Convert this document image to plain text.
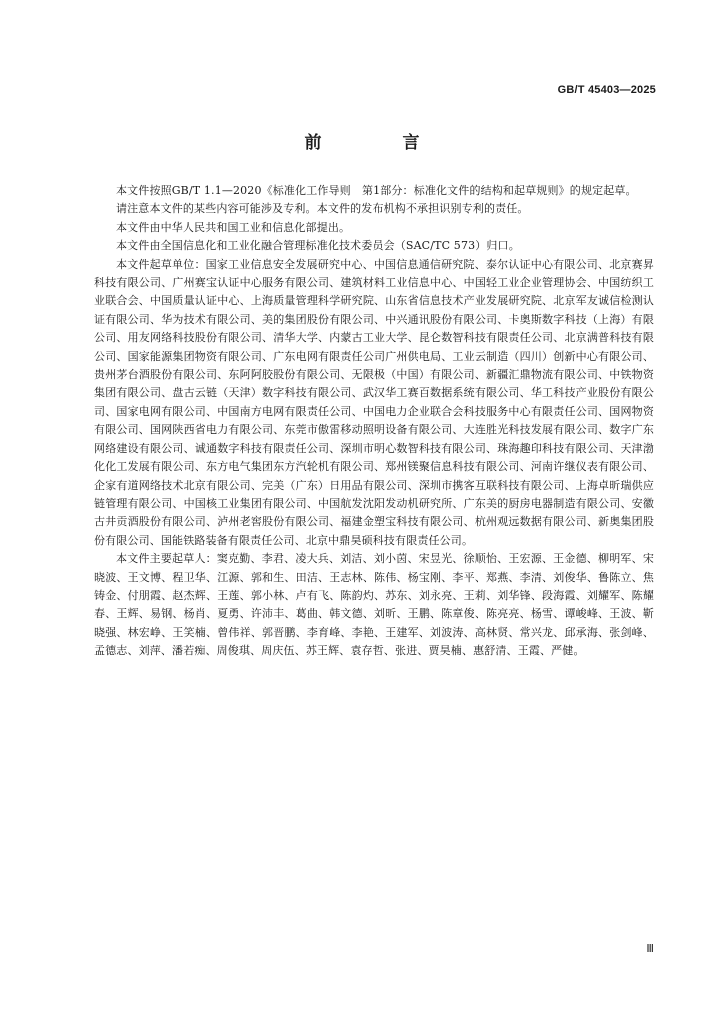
GB/T 45403—2025
前　言

本文件按照GB/T 1.1—2020《标准化工作导则　第1部分：标准化文件的结构和起草规则》的规定起草。

请注意本文件的某些内容可能涉及专利。本文件的发布机构不承担识别专利的责任。

本文件由中华人民共和国工业和信息化部提出。

本文件由全国信息化和工业化融合管理标准化技术委员会（SAC/TC 573）归口。

本文件起草单位：国家工业信息安全发展研究中心、中国信息通信研究院、泰尔认证中心有限公司、北京赛昇科技有限公司、广州赛宝认证中心服务有限公司、建筑材料工业信息中心、中国轻工业企业管理协会、中国纺织工业联合会、中国质量认证中心、上海质量管理科学研究院、山东省信息技术产业发展研究院、北京军友诚信检测认证有限公司、华为技术有限公司、美的集团股份有限公司、中兴通讯股份有限公司、卡奥斯数字科技（上海）有限公司、用友网络科技股份有限公司、清华大学、内蒙古工业大学、昆仑数智科技有限责任公司、北京满普科技有限公司、国家能源集团物资有限公司、广东电网有限责任公司广州供电局、工业云制造（四川）创新中心有限公司、贵州茅台酒股份有限公司、东阿阿胶股份有限公司、无限极（中国）有限公司、新疆汇鼎物流有限公司、中铁物资集团有限公司、盘古云链（天津）数字科技有限公司、武汉华工赛百数据系统有限公司、华工科技产业股份有限公司、国家电网有限公司、中国南方电网有限责任公司、中国电力企业联合会科技服务中心有限责任公司、国网物资有限公司、国网陕西省电力有限公司、东莞市傲雷移动照明设备有限公司、大连胜光科技发展有限公司、数字广东网络建设有限公司、诚通数字科技有限责任公司、深圳市明心数智科技有限公司、珠海趣印科技有限公司、天津渤化化工发展有限公司、东方电气集团东方汽轮机有限公司、郑州镁聚信息科技有限公司、河南许继仪表有限公司、企家有道网络技术北京有限公司、完美（广东）日用品有限公司、深圳市携客互联科技有限公司、上海卓昕瑞供应链管理有限公司、中国核工业集团有限公司、中国航发沈阳发动机研究所、广东美的厨房电器制造有限公司、安徽古井贡酒股份有限公司、泸州老窖股份有限公司、福建金塑宝科技有限公司、杭州观远数据有限公司、新奥集团股份有限公司、国能铁路装备有限责任公司、北京中鼎昊硕科技有限责任公司。

本文件主要起草人：窦克勤、李君、凌大兵、刘洁、刘小茵、宋昱光、徐顺怡、王宏源、王金德、柳明军、宋晓波、王文博、程卫华、江源、郭和生、田洁、王志林、陈伟、杨宝刚、李平、郑燕、李清、刘俊华、鲁陈立、焦铸金、付朋霞、赵杰辉、王莲、郭小林、卢有飞、陈韵灼、苏东、刘永亮、王莉、刘华锋、段海霞、刘耀军、陈耀春、王辉、易钢、杨肖、夏勇、许沛丰、葛曲、韩文德、刘昕、王鹏、陈章俊、陈亮亮、杨雪、谭峻峰、王波、靳晓强、林宏峥、王笑楠、曾伟祥、郭晋鹏、李育峰、李艳、王建军、刘波涛、高林贤、常兴龙、邱承海、张剑峰、孟德志、刘萍、潘若痴、周俊琪、周庆伍、苏王辉、袁存哲、张进、贾昊楠、惠舒清、王霞、严健。

Ⅲ
